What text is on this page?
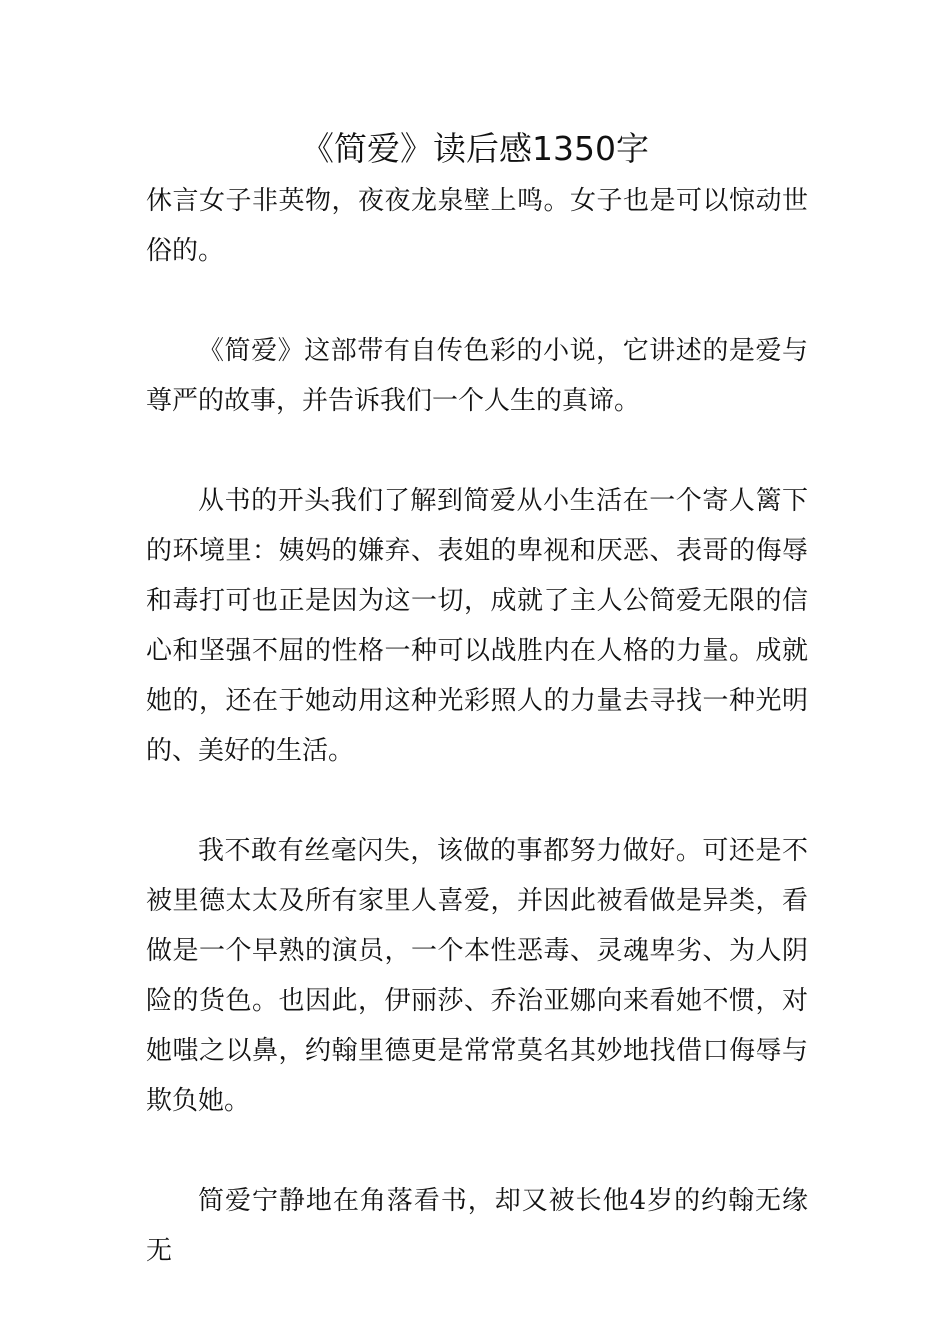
《简爱》读后感1350字

休言女子非英物，夜夜龙泉壁上鸣。女子也是可以惊动世俗的。

《简爱》这部带有自传色彩的小说，它讲述的是爱与尊严的故事，并告诉我们一个人生的真谛。

从书的开头我们了解到简爱从小生活在一个寄人篱下的环境里：姨妈的嫌弃、表姐的卑视和厌恶、表哥的侮辱和毒打可也正是因为这一切，成就了主人公简爱无限的信心和坚强不屈的性格一种可以战胜内在人格的力量。成就她的，还在于她动用这种光彩照人的力量去寻找一种光明的、美好的生活。

我不敢有丝毫闪失，该做的事都努力做好。可还是不被里德太太及所有家里人喜爱，并因此被看做是异类，看做是一个早熟的演员，一个本性恶毒、灵魂卑劣、为人阴险的货色。也因此，伊丽莎、乔治亚娜向来看她不惯，对她嗤之以鼻，约翰里德更是常常莫名其妙地找借口侮辱与欺负她。

简爱宁静地在角落看书，却又被长他4岁的约翰无缘无
